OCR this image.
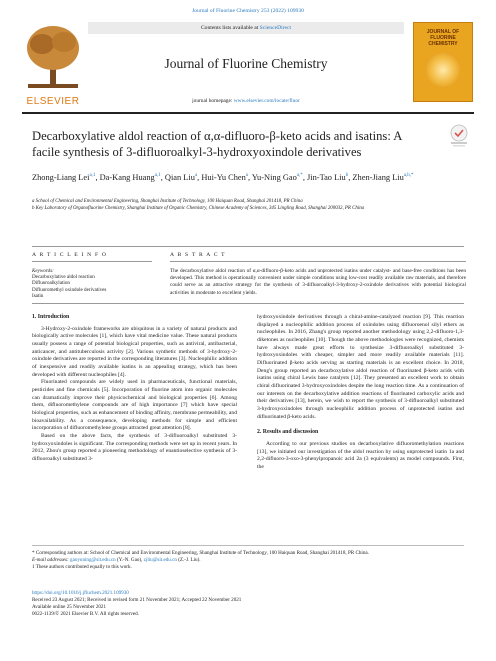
Journal of Fluorine Chemistry 253 (2022) 109930
ELSEVIER
Contents lists available at ScienceDirect
Journal of Fluorine Chemistry
journal homepage: www.elsevier.com/locate/fluor
JOURNAL OF FLUORINE CHEMISTRY
Decarboxylative aldol reaction of α,α-difluoro-β-keto acids and isatins: A facile synthesis of 3-difluoroalkyl-3-hydroxyoxindole derivatives
Zhong-Liang Lei$^{a,1}$, Da-Kang Huang$^{a,1}$, Qian Liu$^a$, Hui-Yu Chen$^a$, Yu-Ning Gao$^{a,*}$, Jin-Tao Liu$^b$, Zhen-Jiang Liu$^{a,b,*}$
a School of Chemical and Environmental Engineering, Shanghai Institute of Technology, 100 Haiquan Road, Shanghai 201418, PR China
b Key Laboratory of Organofluorine Chemistry, Shanghai Institute of Organic Chemistry, Chinese Academy of Sciences, 345 Lingling Road, Shanghai 200032, PR China
A R T I C L E I N F O
Keywords:
Decarboxylative aldol reaction
Difluoroalkylation
Difluoromethyl oxindole derivatives
Isatin
A B S T R A C T
The decarboxylative aldol reaction of α,α-difluoro-β-keto acids and unprotected isatins under catalyst- and base-free conditions has been developed. This method is operationally convenient under simple conditions using low-cost readily available raw materials, and therefore could serve as an attractive strategy for the synthesis of 3-difluoroalkyl-3-hydroxy-2-oxindole derivatives with potential biological activities in moderate to excellent yields.
1. Introduction

3-Hydroxy-2-oxindole frameworks are ubiquitous in a variety of natural products and biologically active molecules [1], which have vital medicine value. These natural products usually possess a range of potential biological properties, such as antiviral, antibacterial, anticancer, and antituberculosis activity [2]. Various synthetic methods of 3-hydroxy-2-oxindole derivatives are reported in the corresponding literatures [3]. Nucleophilic addition of inexpensive and readily available isatins is an appealing strategy, which has been developed with different nucleophiles [4].

Fluorinated compounds are widely used in pharmaceuticals, functional materials, pesticides and fine chemicals [5]. Incorporation of fluorine atom into organic molecules can dramatically improve their physicochemical and biological properties [6]. Among them, difluoromethylene compounds are of high importance [7] which have special biological properties, such as enhancement of binding affinity, membrane permeability, and bioavailability. As a consequence, developing methods for simple and efficient incorporation of difluoromethylene groups attracted great attention [8].

Based on the above facts, the synthesis of 3-difluoroalkyl substituted 3-hydroxyoxindoles is significant. The corresponding methods were set up in recent years. In 2012, Zhou's group reported a pioneering methodology of enantioselective synthesis of 3-difluoroalkyl substituted 3-

hydroxyoxindole derivatives through a chiral-amine-catalyzed reaction [9]. This reaction displayed a nucleophilic addition process of oxindoles using difluoroenol silyl ethers as nucleophiles. In 2016, Zhang's group reported another methodology using 2,2-difluoro-1,3-diketones as nucleophiles [10]. Though the above methodologies were recognized, chemists have always made great efforts to synthesize 3-difluoroalkyl substituted 3-hydroxyoxindoles with cheaper, simpler and more readily available materials [11]. Difluorinated β-keto acids serving as starting materials is an excellent choice. In 2018, Deng's group reported an decarboxylative aldol reaction of fluorinated β-keto acids with isatins using chiral Lewis base catalysts [12]. They presented an excellent work to obtain chiral difluorinated 3-hydroxyoxindoles despite the long reaction time. As a continuation of our interests on the decarboxylative addition reactions of fluorinated carboxylic acids and their derivatives [13], herein, we wish to report the synthesis of 3-difluoroalkyl substituted 3-hydroxyoxindoles through nucleophilic addition process of unprotected isatins and difluorinated β-keto acids.

2. Results and discussion

According to our previous studies on decarboxylative difluoromethylation reactions [13], we initiated our investigation of the aldol reaction by using unprotected isatin 1a and 2,2-difluoro-3-oxo-3-phenylpropanoic acid 2a (3 equivalents) as model compounds. First, the

* Corresponding authors at: School of Chemical and Environmental Engineering, Shanghai Institute of Technology, 100 Haiquan Road, Shanghai 201418, PR China.
E-mail addresses: gaoyuning@sit.edu.cn (Y.-N. Gao), zjliu@sit.edu.cn (Z.-J. Liu).
1 These authors contributed equally to this work.
https://doi.org/10.1016/j.jfluchem.2021.109930
Received 23 August 2021; Received in revised form 21 November 2021; Accepted 22 November 2021
Available online 25 November 2021
0022-1139/© 2021 Elsevier B.V. All rights reserved.
